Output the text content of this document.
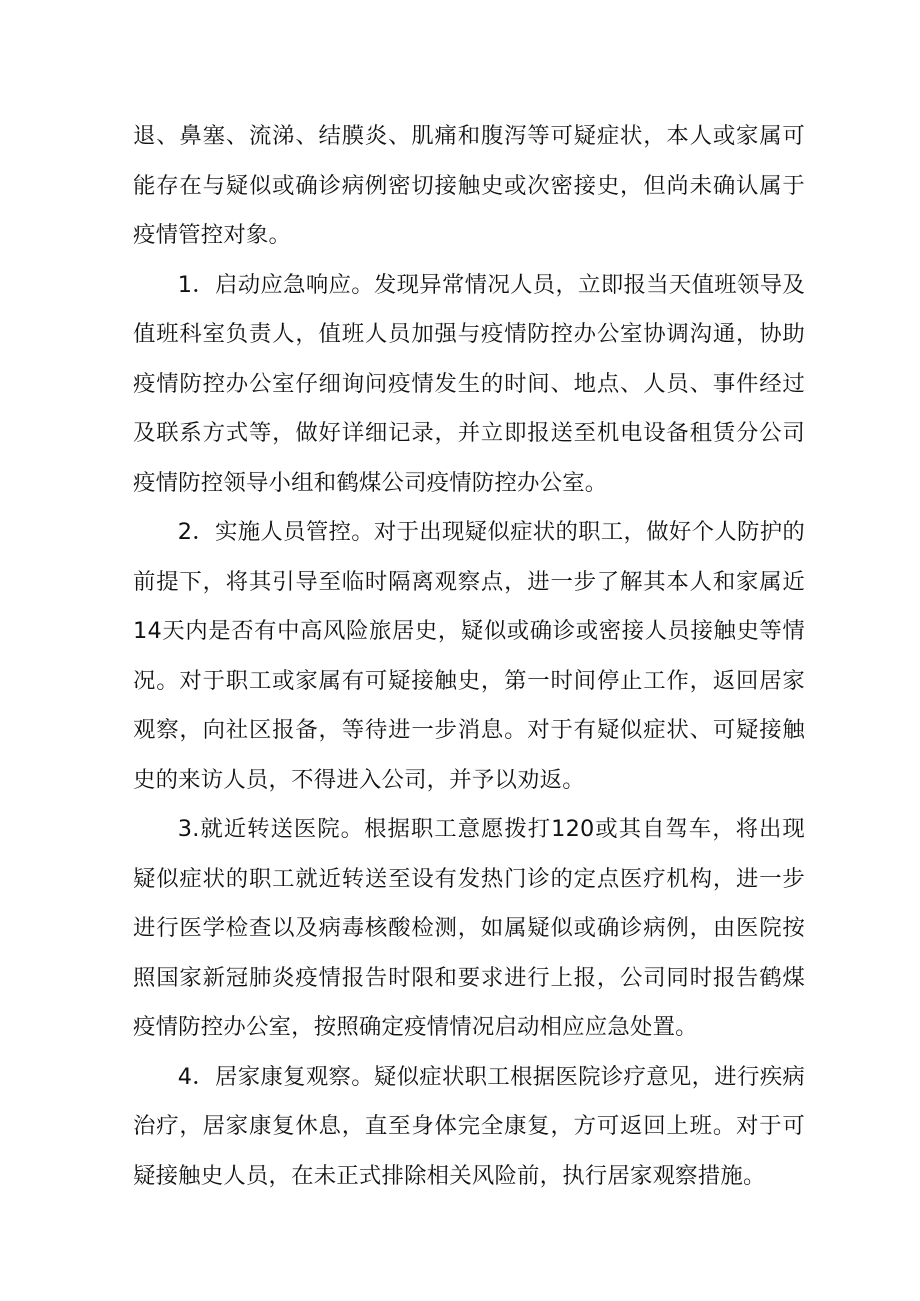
退、鼻塞、流涕、结膜炎、肌痛和腹泻等可疑症状，本人或家属可能存在与疑似或确诊病例密切接触史或次密接史，但尚未确认属于疫情管控对象。

1．启动应急响应。发现异常情况人员，立即报当天值班领导及值班科室负责人，值班人员加强与疫情防控办公室协调沟通，协助疫情防控办公室仔细询问疫情发生的时间、地点、人员、事件经过及联系方式等，做好详细记录，并立即报送至机电设备租赁分公司疫情防控领导小组和鹤煤公司疫情防控办公室。

2．实施人员管控。对于出现疑似症状的职工，做好个人防护的前提下，将其引导至临时隔离观察点，进一步了解其本人和家属近14天内是否有中高风险旅居史，疑似或确诊或密接人员接触史等情况。对于职工或家属有可疑接触史，第一时间停止工作，返回居家观察，向社区报备，等待进一步消息。对于有疑似症状、可疑接触史的来访人员，不得进入公司，并予以劝返。

3.就近转送医院。根据职工意愿拨打120或其自驾车，将出现疑似症状的职工就近转送至设有发热门诊的定点医疗机构，进一步进行医学检查以及病毒核酸检测，如属疑似或确诊病例，由医院按照国家新冠肺炎疫情报告时限和要求进行上报，公司同时报告鹤煤疫情防控办公室，按照确定疫情情况启动相应应急处置。

4．居家康复观察。疑似症状职工根据医院诊疗意见，进行疾病治疗，居家康复休息，直至身体完全康复，方可返回上班。对于可疑接触史人员，在未正式排除相关风险前，执行居家观察措施。
